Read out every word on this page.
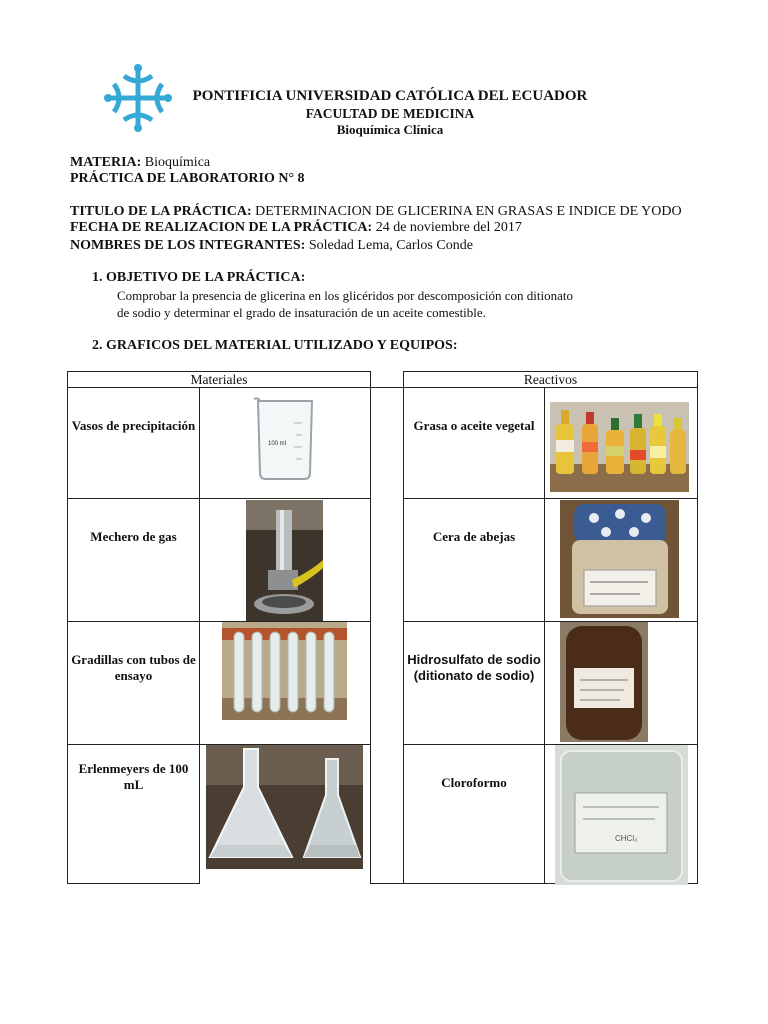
PONTIFICIA UNIVERSIDAD CATÓLICA DEL ECUADOR
FACULTAD DE MEDICINA
Bioquímica Clínica
MATERIA: Bioquímica
PRÁCTICA DE LABORATORIO N° 8
TITULO DE LA PRÁCTICA: DETERMINACION DE GLICERINA EN GRASAS E INDICE DE YODO
FECHA DE REALIZACION DE LA PRÁCTICA: 24 de noviembre del 2017
NOMBRES DE LOS INTEGRANTES: Soledad Lema, Carlos Conde
1. OBJETIVO DE LA PRÁCTICA:
Comprobar la presencia de glicerina en los glicéridos por descomposición con ditionato
de sodio y determinar el grado de insaturación de un aceite comestible.
2. GRAFICOS DEL MATERIAL UTILIZADO Y EQUIPOS:
Materiales			Reactivos	
Vasos de precipitación			Grasa o aceite vegetal	
Mechero de gas			Cera de abejas	
Gradillas con tubos de ensayo			Hidrosulfato de sodio (ditionato de sodio)	
Erlenmeyers de 100 mL			Cloroformo	
100 ml
CHCl₃
